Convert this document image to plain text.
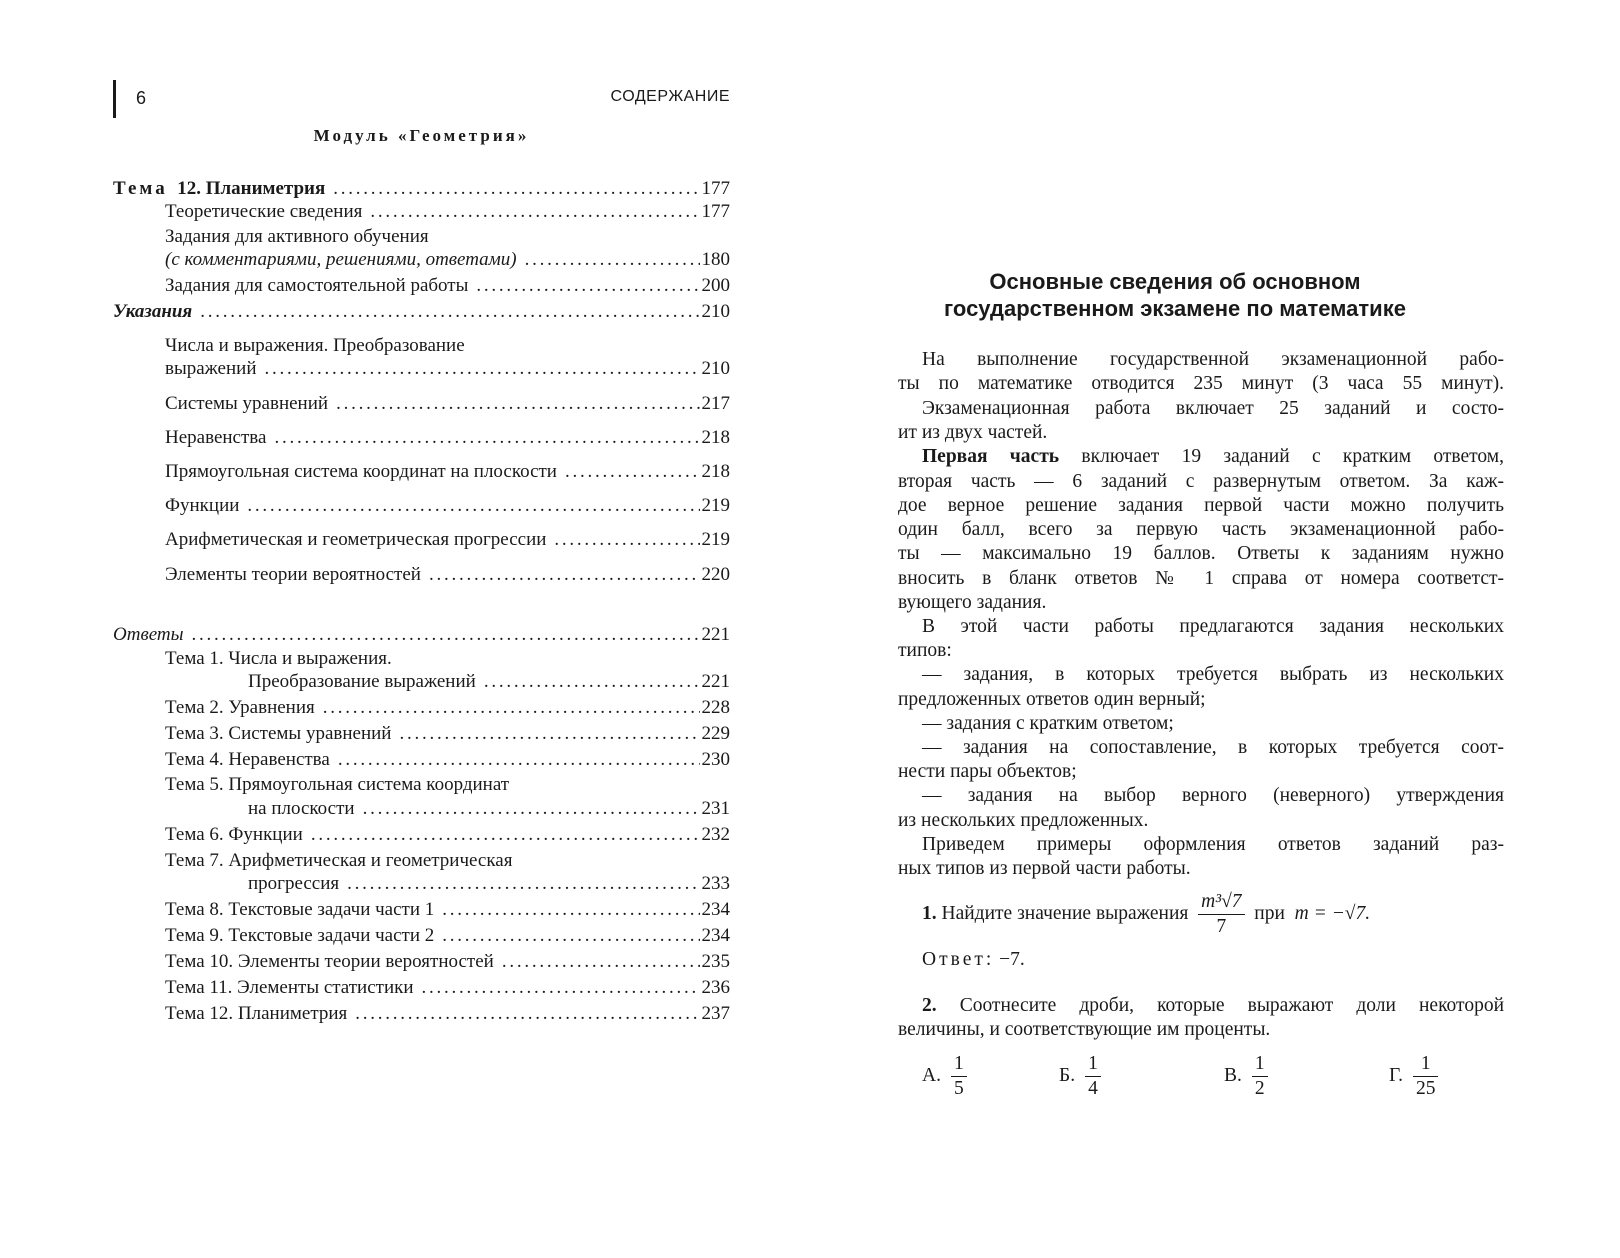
6	СОДЕРЖАНИЕ
Модуль «Геометрия»
Тема 12. Планиметрия . . .	177
Теоретические сведения . . .	177
Задания для активного обучения
(с комментариями, решениями, ответами) . . .	180
Задания для самостоятельной работы . . .	200
Указания . . .	210
Числа и выражения. Преобразование
выражений . . .	210
Системы уравнений . . .	217
Неравенства . . .	218
Прямоугольная система координат на плоскости . . .	218
Функции . . .	219
Арифметическая и геометрическая прогрессии . . .	219
Элементы теории вероятностей . . .	220
Ответы . . .	221
Тема 1. Числа и выражения.
Преобразование выражений . . .	221
Тема 2. Уравнения . . .	228
Тема 3. Системы уравнений . . .	229
Тема 4. Неравенства . . .	230
Тема 5. Прямоугольная система координат
на плоскости . . .	231
Тема 6. Функции . . .	232
Тема 7. Арифметическая и геометрическая
прогрессия . . .	233
Тема 8. Текстовые задачи части 1 . . .	234
Тема 9. Текстовые задачи части 2 . . .	234
Тема 10. Элементы теории вероятностей . . .	235
Тема 11. Элементы статистики . . .	236
Тема 12. Планиметрия . . .	237
Основные сведения об основном
государственном экзамене по математике
На выполнение государственной экзаменационной рабо-
ты по математике отводится 235 минут (3 часа 55 минут).
Экзаменационная работа включает 25 заданий и состо-
ит из двух частей.
Первая часть включает 19 заданий с кратким ответом,
вторая часть — 6 заданий с развернутым ответом. За каж-
дое верное решение задания первой части можно получить
один балл, всего за первую часть экзаменационной рабо-
ты — максимально 19 баллов. Ответы к заданиям нужно
вносить в бланк ответов № 1 справа от номера соответст-
вующего задания.
В этой части работы предлагаются задания нескольких
типов:
— задания, в которых требуется выбрать из нескольких
предложенных ответов один верный;
— задания с кратким ответом;
— задания на сопоставление, в которых требуется соот-
нести пары объектов;
— задания на выбор верного (неверного) утверждения
из нескольких предложенных.
Приведем примеры оформления ответов заданий раз-
ных типов из первой части работы.
1.
Найдите значение выражения
$\frac{\text{m³√7}}{7}$
при
m = −√7.
Ответ: −7.
2. Соотнесите дроби, которые выражают доли некоторой
величины, и соответствующие им проценты.
А. $\frac{1}{5}$	Б. $\frac{1}{4}$	В. $\frac{1}{2}$	Г. $\frac{1}{25}$
